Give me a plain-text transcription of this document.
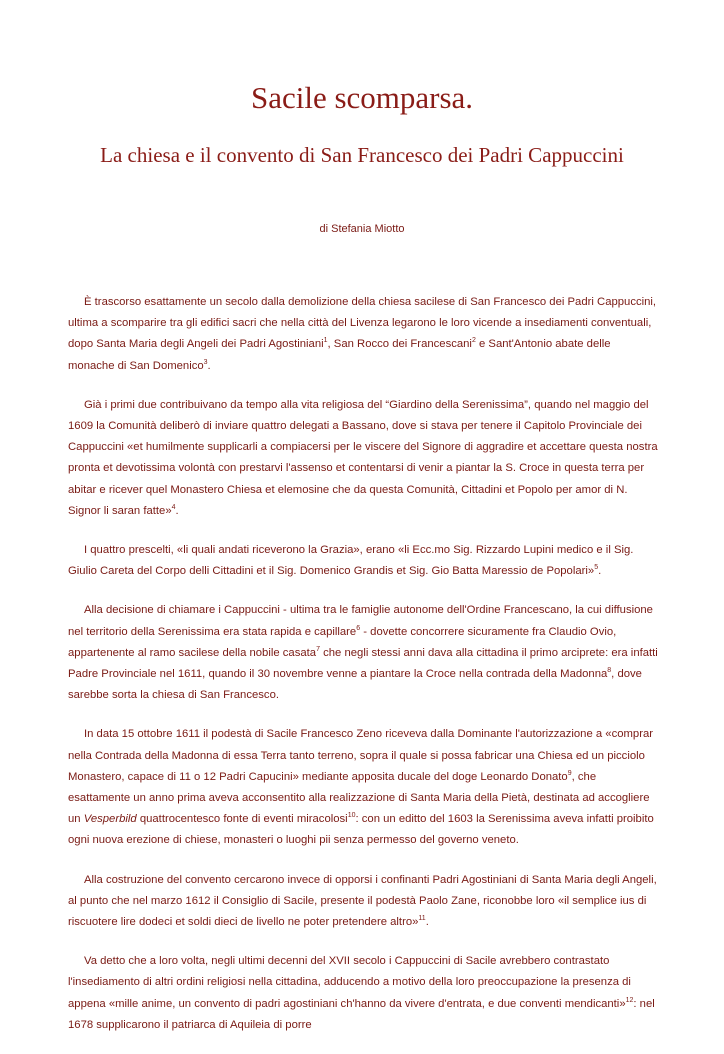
Sacile scomparsa.
La chiesa e il convento di San Francesco dei Padri Cappuccini
di Stefania Miotto

È trascorso esattamente un secolo dalla demolizione della chiesa sacilese di San Francesco dei Padri Cappuccini, ultima a scomparire tra gli edifici sacri che nella città del Livenza legarono le loro vicende a insediamenti conventuali, dopo Santa Maria degli Angeli dei Padri Agostiniani$^1$, San Rocco dei Francescani$^2$ e Sant'Antonio abate delle monache di San Domenico$^3$.

Già i primi due contribuivano da tempo alla vita religiosa del “Giardino della Serenissima”, quando nel maggio del 1609 la Comunità deliberò di inviare quattro delegati a Bassano, dove si stava per tenere il Capitolo Provinciale dei Cappuccini «et humilmente supplicarli a compiacersi per le viscere del Signore di aggradire et accettare questa nostra pronta et devotissima volontà con prestarvi l'assenso et contentarsi di venir a piantar la S. Croce in questa terra per abitar e ricever quel Monastero Chiesa et elemosine che da questa Comunità, Cittadini et Popolo per amor di N. Signor li saran fatte»$^4$.

I quattro prescelti, «li quali andati riceverono la Grazia», erano «li Ecc.mo Sig. Rizzardo Lupini medico e il Sig. Giulio Careta del Corpo delli Cittadini et il Sig. Domenico Grandis et Sig. Gio Batta Maressio de Popolari»$^5$.

Alla decisione di chiamare i Cappuccini - ultima tra le famiglie autonome dell'Ordine Francescano, la cui diffusione nel territorio della Serenissima era stata rapida e capillare$^6$ - dovette concorrere sicuramente fra Claudio Ovio, appartenente al ramo sacilese della nobile casata$^7$ che negli stessi anni dava alla cittadina il primo arciprete: era infatti Padre Provinciale nel 1611, quando il 30 novembre venne a piantare la Croce nella contrada della Madonna$^8$, dove sarebbe sorta la chiesa di San Francesco.

In data 15 ottobre 1611 il podestà di Sacile Francesco Zeno riceveva dalla Dominante l'autorizzazione a «comprar nella Contrada della Madonna di essa Terra tanto terreno, sopra il quale si possa fabricar una Chiesa ed un picciolo Monastero, capace di 11 o 12 Padri Capucini» mediante apposita ducale del doge Leonardo Donato$^9$, che esattamente un anno prima aveva acconsentito alla realizzazione di Santa Maria della Pietà, destinata ad accogliere un Vesperbild quattrocentesco fonte di eventi miracolosi$^{10}$: con un editto del 1603 la Serenissima aveva infatti proibito ogni nuova erezione di chiese, monasteri o luoghi pii senza permesso del governo veneto.

Alla costruzione del convento cercarono invece di opporsi i confinanti Padri Agostiniani di Santa Maria degli Angeli, al punto che nel marzo 1612 il Consiglio di Sacile, presente il podestà Paolo Zane, riconobbe loro «il semplice ius di riscuotere lire dodeci et soldi dieci de livello ne poter pretendere altro»$^{11}$.

Va detto che a loro volta, negli ultimi decenni del XVII secolo i Cappuccini di Sacile avrebbero contrastato l'insediamento di altri ordini religiosi nella cittadina, adducendo a motivo della loro preoccupazione la presenza di appena «mille anime, un convento di padri agostiniani ch'hanno da vivere d'entrata, e due conventi mendicanti»$^{12}$: nel 1678 supplicarono il patriarca di Aquileia di porre
